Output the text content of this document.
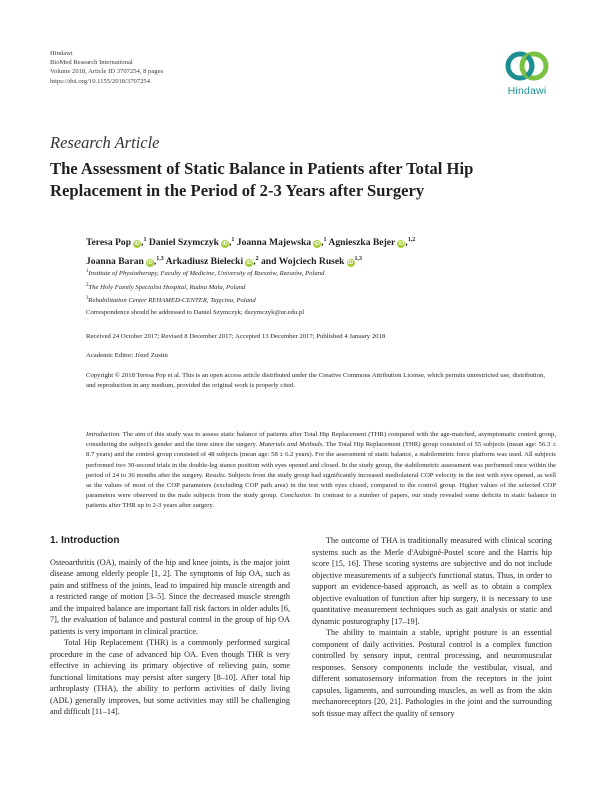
Hindawi
BioMed Research International
Volume 2018, Article ID 3707254, 8 pages
https://doi.org/10.1155/2018/3707254
Hindawi
Research Article
The Assessment of Static Balance in Patients after Total Hip Replacement in the Period of 2-3 Years after Surgery
Teresa Pop iD,$^1$ Daniel Szymczyk iD,$^1$ Joanna Majewska iD,$^1$ Agnieszka Bejer iD,$^{1,2}$
Joanna Baran iD,$^{1,3}$ Arkadiusz Bielecki iD,$^2$ and Wojciech Rusek iD$^{1,3}$
$^1$Institute of Physiotherapy, Faculty of Medicine, University of Rzeszów, Rzeszów, Poland
$^2$The Holy Family Specialist Hospital, Rudna Mała, Poland
$^3$Rehabilitation Center REHAMED-CENTER, Tajęcina, Poland
Correspondence should be addressed to Daniel Szymczyk; dszymczyk@ur.edu.pl
Received 24 October 2017; Revised 8 December 2017; Accepted 13 December 2017; Published 4 January 2018
Academic Editor: Józef Zustin
Copyright © 2018 Teresa Pop et al. This is an open access article distributed under the Creative Commons Attribution License, which permits unrestricted use, distribution, and reproduction in any medium, provided the original work is properly cited.
Introduction. The aim of this study was to assess static balance of patients after Total Hip Replacement (THR) compared with the age-matched, asymptomatic control group, considering the subject's gender and the time since the surgery. Materials and Methods. The Total Hip Replacement (THR) group consisted of 55 subjects (mean age: 56.3 ± 8.7 years) and the control group consisted of 48 subjects (mean age: 58 ± 6.2 years). For the assessment of static balance, a stabilometric force platform was used. All subjects performed two 30-second trials in the double-leg stance position with eyes opened and closed. In the study group, the stabilometric assessment was performed once within the period of 24 to 36 months after the surgery. Results. Subjects from the study group had significantly increased mediolateral COP velocity in the test with eyes opened, as well as the values of most of the COP parameters (excluding COP path area) in the test with eyes closed, compared to the control group. Higher values of the selected COP parameters were observed in the male subjects from the study group. Conclusion. In contrast to a number of papers, our study revealed some deficits in static balance in patients after THR up to 2-3 years after surgery.
1. Introduction

Osteoarthritis (OA), mainly of the hip and knee joints, is the major joint disease among elderly people [1, 2]. The symptoms of hip OA, such as pain and stiffness of the joints, lead to impaired hip muscle strength and a restricted range of motion [3–5]. Since the decreased muscle strength and the impaired balance are important fall risk factors in older adults [6, 7], the evaluation of balance and postural control in the group of hip OA patients is very important in clinical practice.

Total Hip Replacement (THR) is a commonly performed surgical procedure in the case of advanced hip OA. Even though THR is very effective in achieving its primary objective of relieving pain, some functional limitations may persist after surgery [8–10]. After total hip arthroplasty (THA), the ability to perform activities of daily living (ADL) generally improves, but some activities may still be challenging and difficult [11–14].

The outcome of THA is traditionally measured with clinical scoring systems such as the Merle d'Aubigné-Postel score and the Harris hip score [15, 16]. These scoring systems are subjective and do not include objective measurements of a subject's functional status. Thus, in order to support an evidence-based approach, as well as to obtain a complex objective evaluation of function after hip surgery, it is necessary to use quantitative measurement techniques such as gait analysis or static and dynamic posturography [17–19].

The ability to maintain a stable, upright posture is an essential component of daily activities. Postural control is a complex function controlled by sensory input, central processing, and neuromuscular responses. Sensory components include the vestibular, visual, and different somatosensory information from the receptors in the joint capsules, ligaments, and surrounding muscles, as well as from the skin mechanoreceptors [20, 21]. Pathologies in the joint and the surrounding soft tissue may affect the quality of sensory
